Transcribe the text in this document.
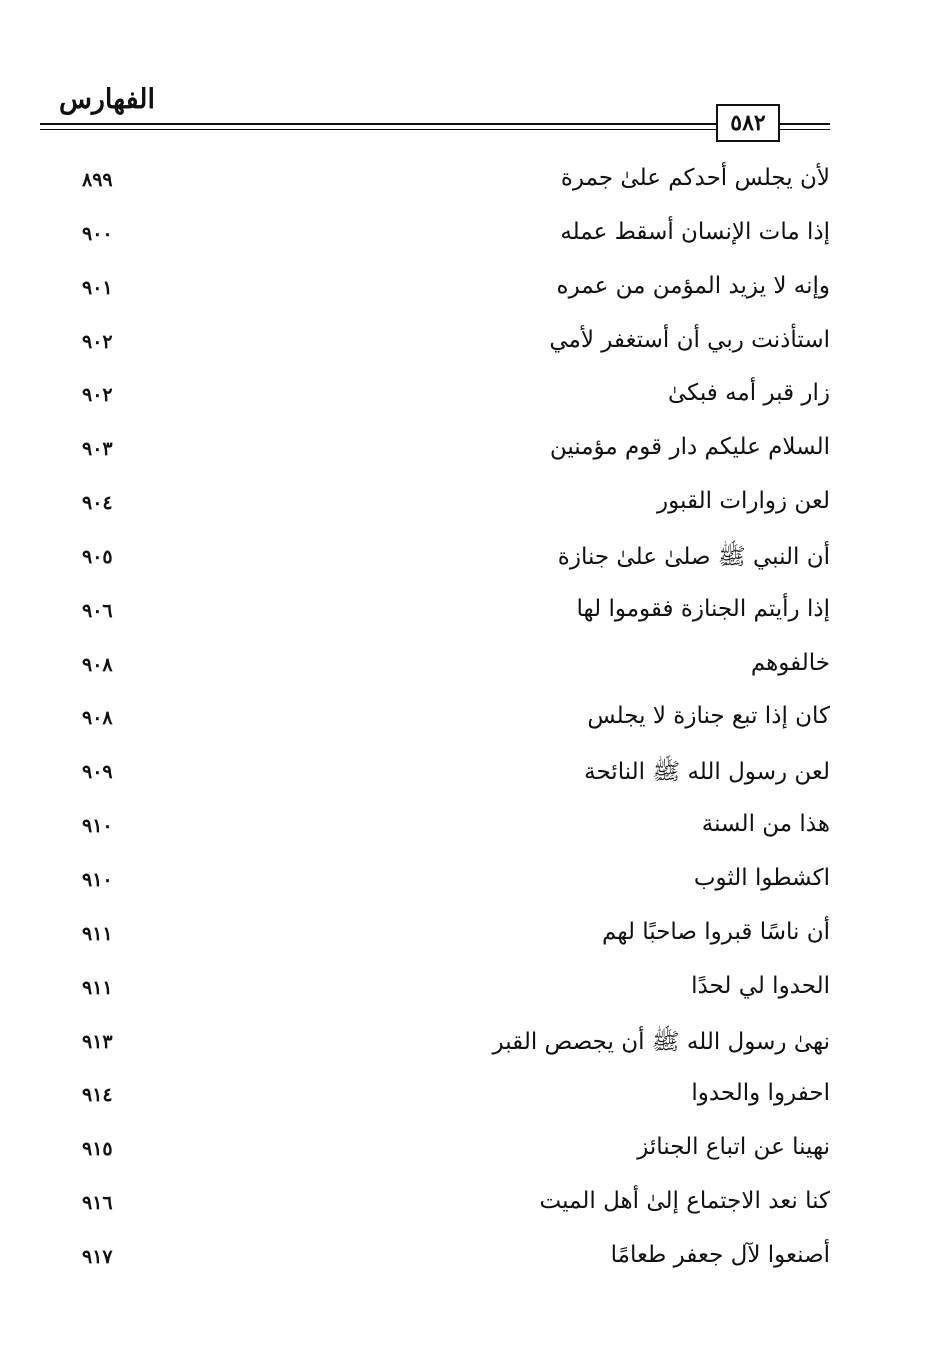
الفهارس
٥٨٢
لأن يجلس أحدكم علىٰ جمرة
٨٩٩
إذا مات الإنسان أسقط عمله
٩٠٠
وإنه لا يزيد المؤمن من عمره
٩٠١
استأذنت ربي أن أستغفر لأمي
٩٠٢
زار قبر أمه فبكىٰ
٩٠٢
السلام عليكم دار قوم مؤمنين
٩٠٣
لعن زوارات القبور
٩٠٤
أن النبي ﷺ صلىٰ علىٰ جنازة
٩٠٥
إذا رأيتم الجنازة فقوموا لها
٩٠٦
خالفوهم
٩٠٨
كان إذا تبع جنازة لا يجلس
٩٠٨
لعن رسول الله ﷺ النائحة
٩٠٩
هذا من السنة
٩١٠
اكشطوا الثوب
٩١٠
أن ناسًا قبروا صاحبًا لهم
٩١١
الحدوا لي لحدًا
٩١١
نهىٰ رسول الله ﷺ أن يجصص القبر
٩١٣
احفروا والحدوا
٩١٤
نهينا عن اتباع الجنائز
٩١٥
كنا نعد الاجتماع إلىٰ أهل الميت
٩١٦
أصنعوا لآل جعفر طعامًا
٩١٧
